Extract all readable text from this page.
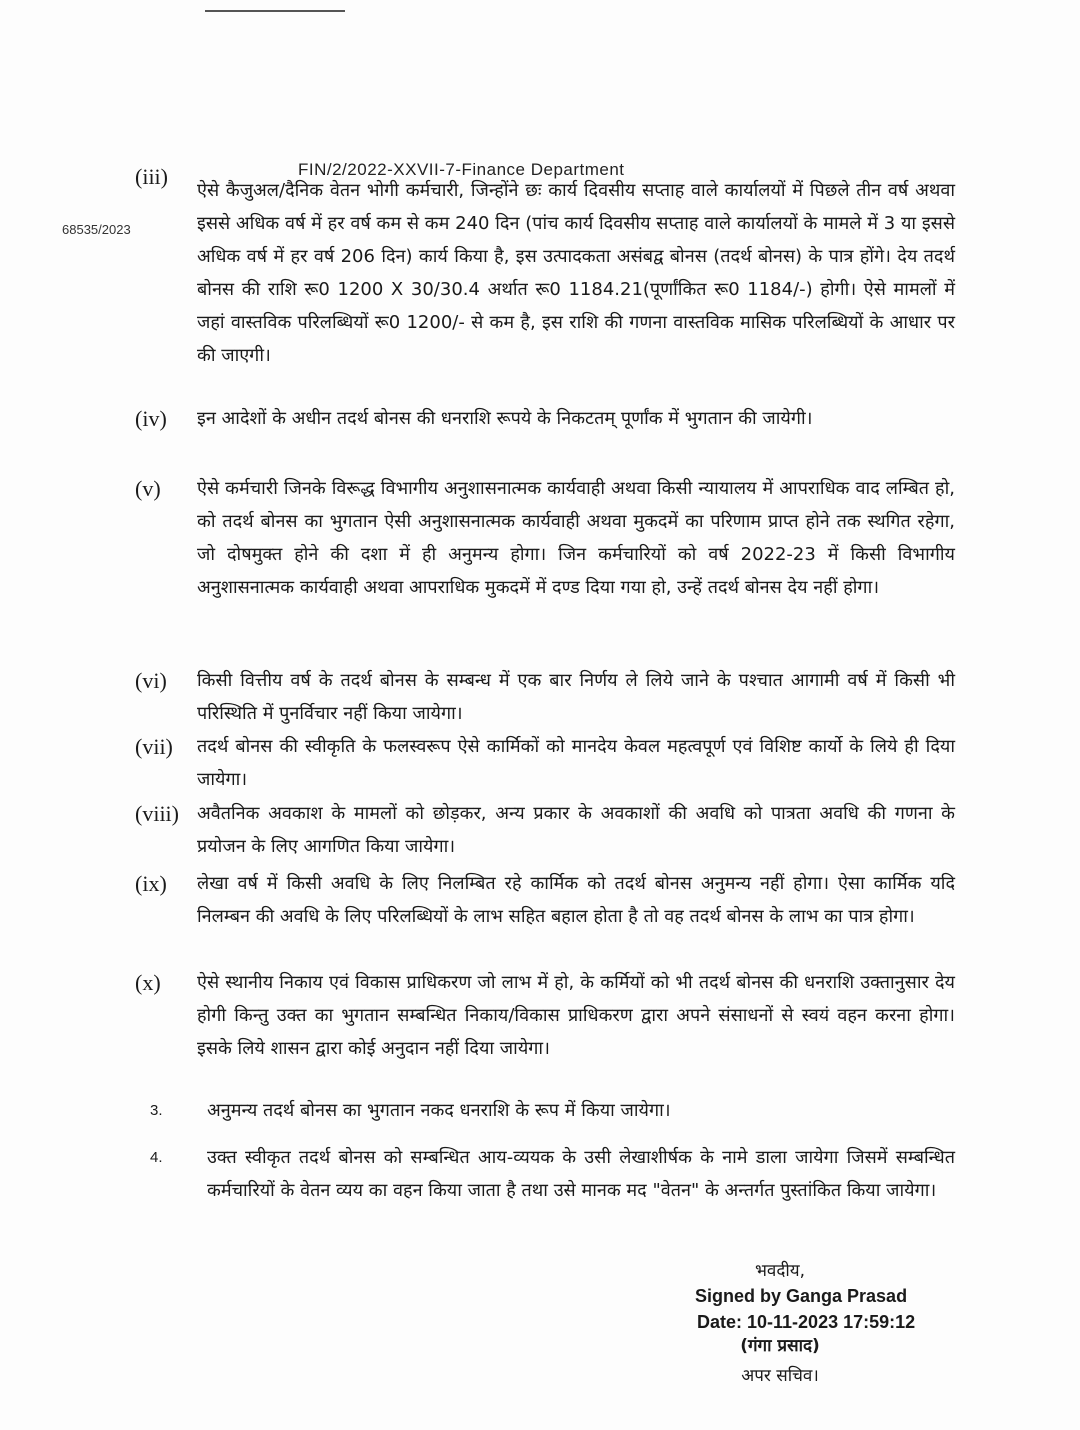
FIN/2/2022-XXVII-7-Finance Department
68535/2023
(iii)
ऐसे कैजुअल/दैनिक वेतन भोगी कर्मचारी, जिन्होंने छः कार्य दिवसीय सप्ताह वाले कार्यालयों में पिछले तीन वर्ष अथवा इससे अधिक वर्ष में हर वर्ष कम से कम 240 दिन (पांच कार्य दिवसीय सप्ताह वाले कार्यालयों के मामले में 3 या इससे अधिक वर्ष में हर वर्ष 206 दिन) कार्य किया है, इस उत्पादकता असंबद्व बोनस (तदर्थ बोनस) के पात्र होंगे। देय तदर्थ बोनस की राशि रू0 1200 X 30/30.4 अर्थात रू0 1184.21(पूर्णांकित रू0 1184/-) होगी। ऐसे मामलों में जहां वास्तविक परिलब्धियों रू0 1200/- से कम है, इस राशि की गणना वास्तविक मासिक परिलब्धियों के आधार पर की जाएगी।
(iv)	इन आदेशों के अधीन तदर्थ बोनस की धनराशि रूपये के निकटतम् पूर्णांक में भुगतान की जायेगी।
(v)	ऐसे कर्मचारी जिनके विरूद्ध विभागीय अनुशासनात्मक कार्यवाही अथवा किसी न्यायालय में आपराधिक वाद लम्बित हो, को तदर्थ बोनस का भुगतान ऐसी अनुशासनात्मक कार्यवाही अथवा मुकदमें का परिणाम प्राप्त होने तक स्थगित रहेगा, जो दोषमुक्त होने की दशा में ही अनुमन्य होगा। जिन कर्मचारियों को वर्ष 2022-23 में किसी विभागीय अनुशासनात्मक कार्यवाही अथवा आपराधिक मुकदमें में दण्ड दिया गया हो, उन्हें तदर्थ बोनस देय नहीं होगा।
(vi)	किसी वित्तीय वर्ष के तदर्थ बोनस के सम्बन्ध में एक बार निर्णय ले लिये जाने के पश्चात आगामी वर्ष में किसी भी परिस्थिति में पुनर्विचार नहीं किया जायेगा।
(vii)	तदर्थ बोनस की स्वीकृति के फलस्वरूप ऐसे कार्मिकों को मानदेय केवल महत्वपूर्ण एवं विशिष्ट कार्यो के लिये ही दिया जायेगा।
(viii)	अवैतनिक अवकाश के मामलों को छोड़कर, अन्य प्रकार के अवकाशों की अवधि को पात्रता अवधि की गणना के प्रयोजन के लिए आगणित किया जायेगा।
(ix)	लेखा वर्ष में किसी अवधि के लिए निलम्बित रहे कार्मिक को तदर्थ बोनस अनुमन्य नहीं होगा। ऐसा कार्मिक यदि निलम्बन की अवधि के लिए परिलब्धियों के लाभ सहित बहाल होता है तो वह तदर्थ बोनस के लाभ का पात्र होगा।
(x)	ऐसे स्थानीय निकाय एवं विकास प्राधिकरण जो लाभ में हो, के कर्मियों को भी तदर्थ बोनस की धनराशि उक्तानुसार देय होगी किन्तु उक्त का भुगतान सम्बन्धित निकाय/विकास प्राधिकरण द्वारा अपने संसाधनों से स्वयं वहन करना होगा। इसके लिये शासन द्वारा कोई अनुदान नहीं दिया जायेगा।
3.	अनुमन्य तदर्थ बोनस का भुगतान नकद धनराशि के रूप में किया जायेगा।
4.	उक्त स्वीकृत तदर्थ बोनस को सम्बन्धित आय-व्ययक के उसी लेखाशीर्षक के नामे डाला जायेगा जिसमें सम्बन्धित कर्मचारियों के वेतन व्यय का वहन किया जाता है तथा उसे मानक मद "वेतन" के अन्तर्गत पुस्तांकित किया जायेगा।
भवदीय,
Signed by Ganga Prasad
Date: 10-11-2023 17:59:12
(गंगा प्रसाद)
अपर सचिव।
